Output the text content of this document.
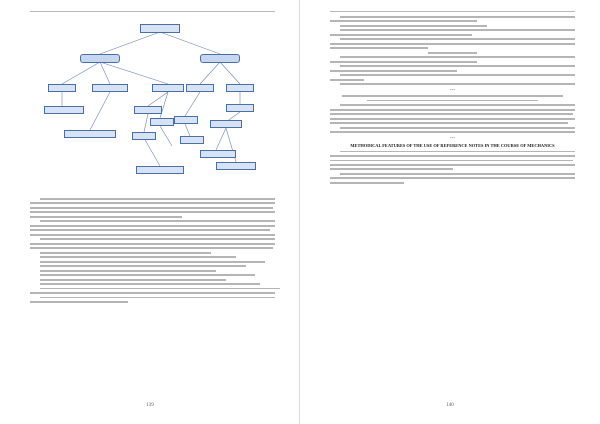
139
***
***
METHODICAL FEATURES OF THE USE OF REFERENCE NOTES IN THE COURSE OF MECHANICS
140
